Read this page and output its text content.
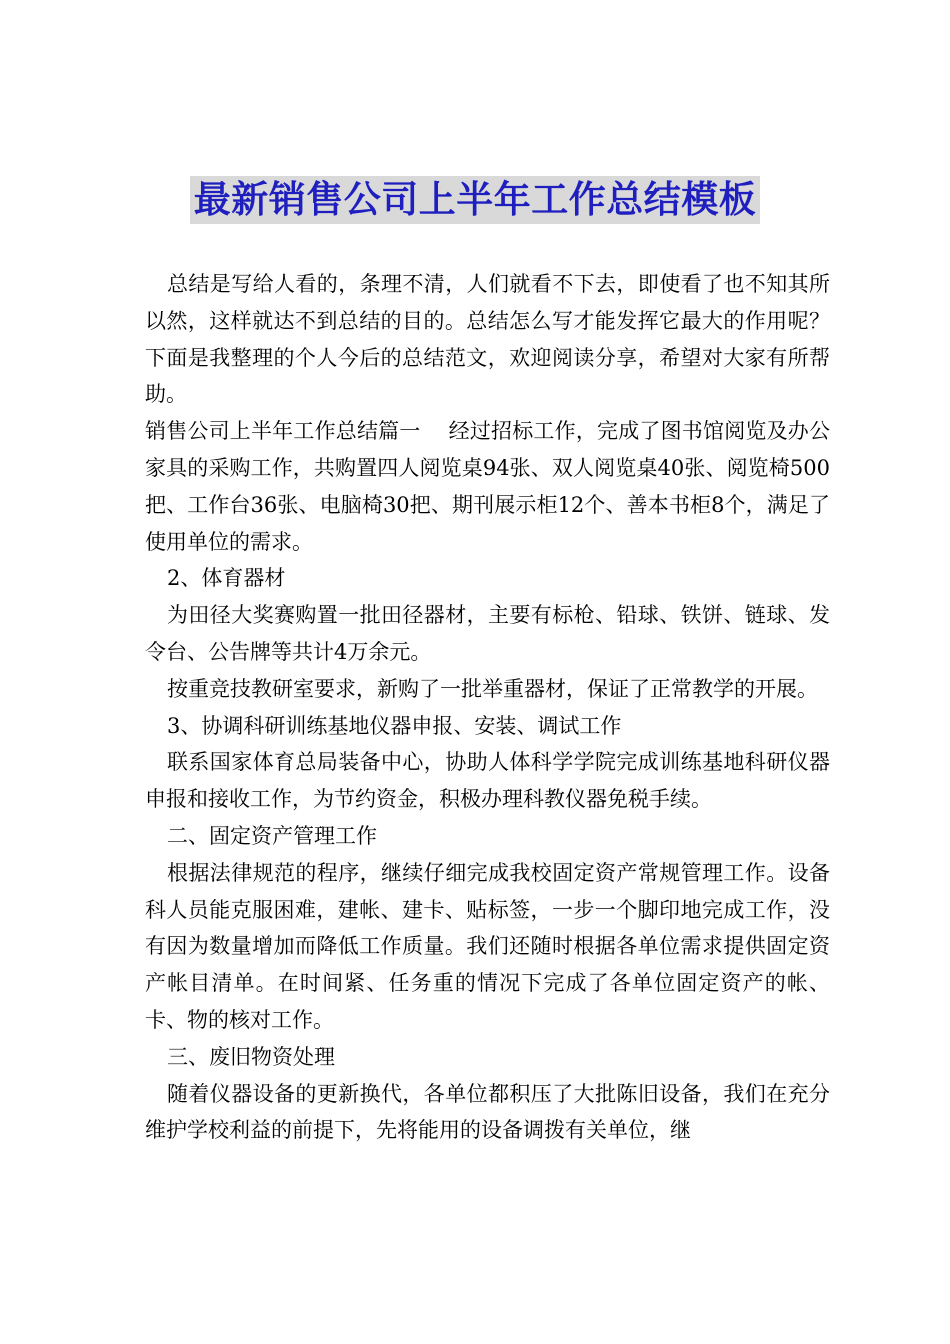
最新销售公司上半年工作总结模板

总结是写给人看的，条理不清，人们就看不下去，即使看了也不知其所以然，这样就达不到总结的目的。总结怎么写才能发挥它最大的作用呢？下面是我整理的个人今后的总结范文，欢迎阅读分享，希望对大家有所帮助。

销售公司上半年工作总结篇一　 经过招标工作，完成了图书馆阅览及办公家具的采购工作，共购置四人阅览桌94张、双人阅览桌40张、阅览椅500把、工作台36张、电脑椅30把、期刊展示柜12个、善本书柜8个，满足了使用单位的需求。

2、体育器材

为田径大奖赛购置一批田径器材，主要有标枪、铅球、铁饼、链球、发令台、公告牌等共计4万余元。

按重竞技教研室要求，新购了一批举重器材，保证了正常教学的开展。

3、协调科研训练基地仪器申报、安装、调试工作

联系国家体育总局装备中心，协助人体科学学院完成训练基地科研仪器申报和接收工作，为节约资金，积极办理科教仪器免税手续。

二、固定资产管理工作

根据法律规范的程序，继续仔细完成我校固定资产常规管理工作。设备科人员能克服困难，建帐、建卡、贴标签，一步一个脚印地完成工作，没有因为数量增加而降低工作质量。我们还随时根据各单位需求提供固定资产帐目清单。在时间紧、任务重的情况下完成了各单位固定资产的帐、卡、物的核对工作。

三、废旧物资处理

随着仪器设备的更新换代，各单位都积压了大批陈旧设备，我们在充分维护学校利益的前提下，先将能用的设备调拨有关单位，继
